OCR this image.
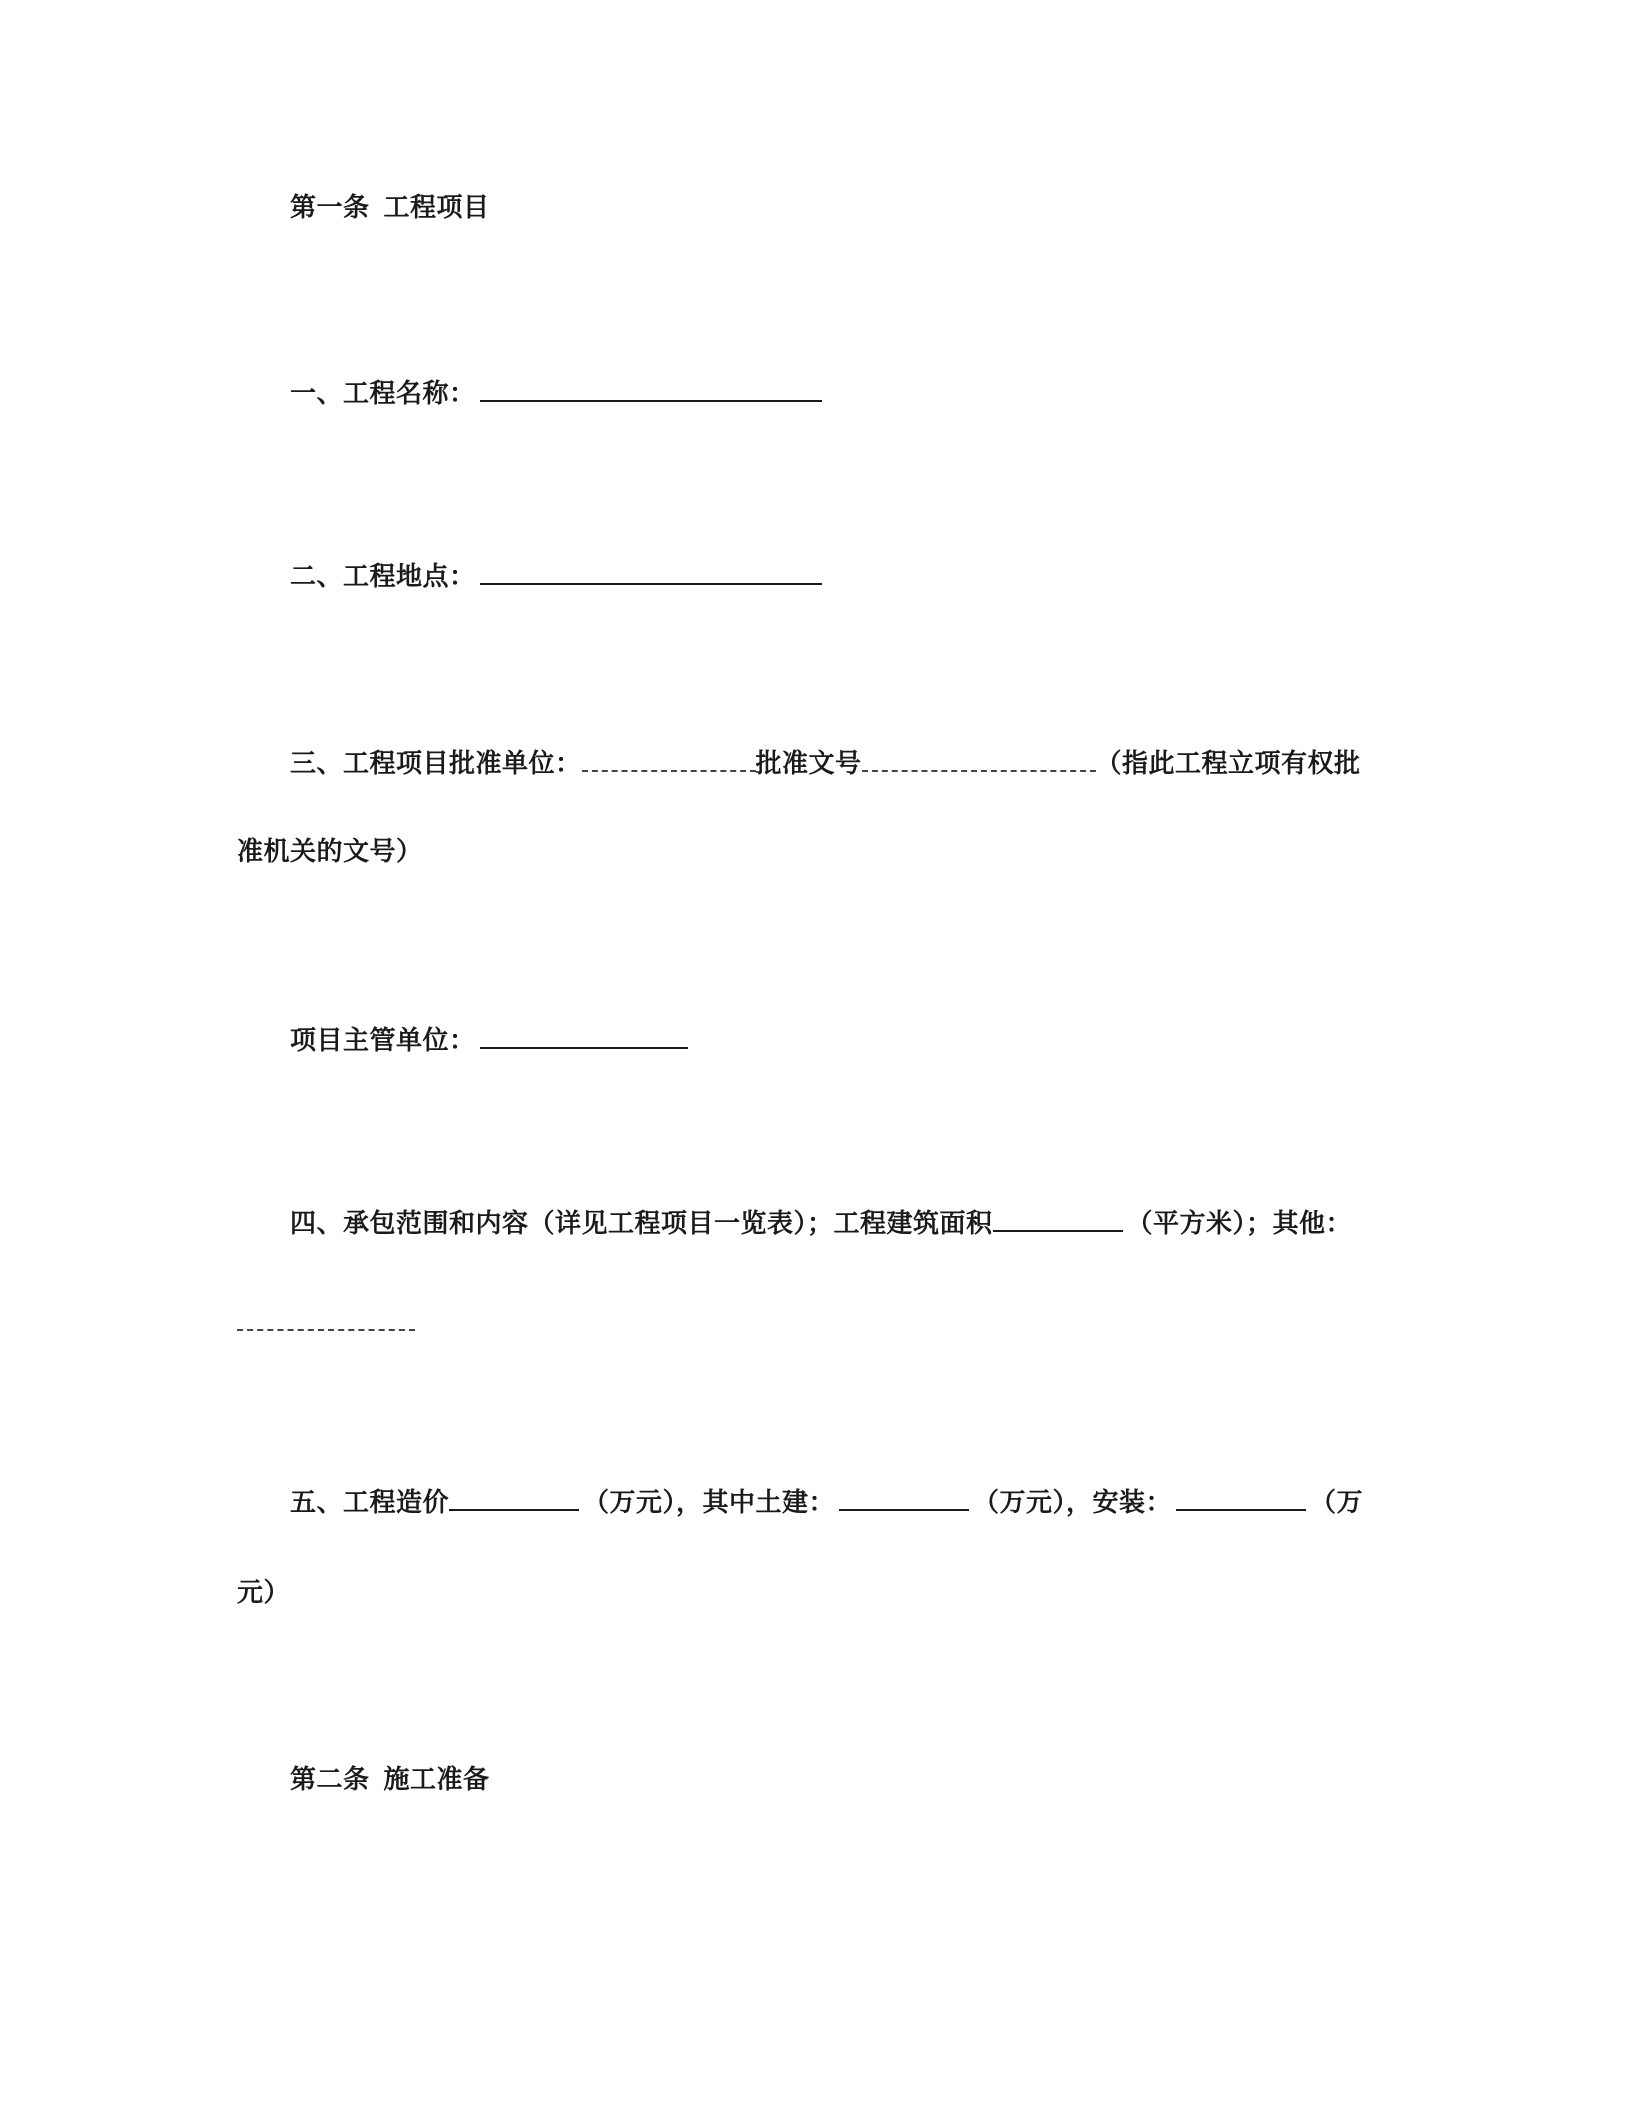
第一条 工程项目
一、工程名称：
二、工程地点：
三、工程项目批准单位：	批准文号	（指此工程立项有权批
准机关的文号）
项目主管单位：
四、承包范围和内容（详见工程项目一览表）；工程建筑面积	（平方米）；其他：
五、工程造价	（万元），其中土建：	（万元），安装：	（万
元）
第二条 施工准备
